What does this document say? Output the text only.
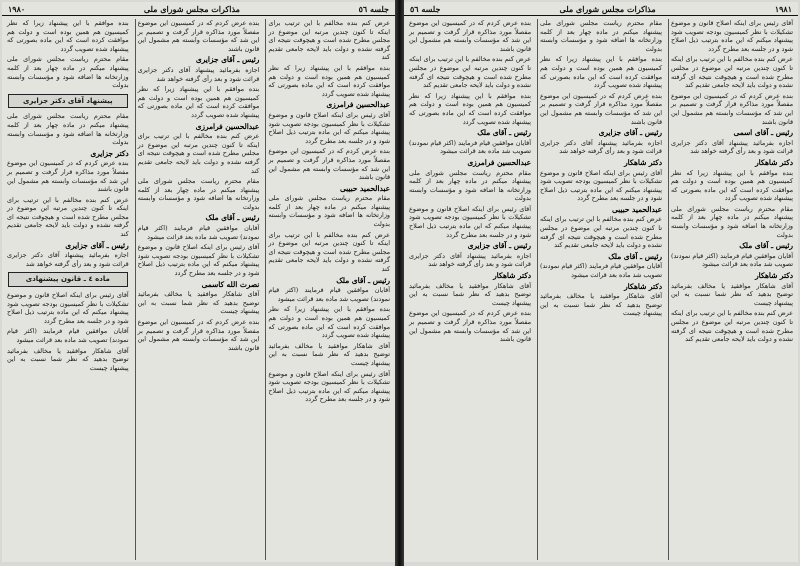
جلسه ٥٦
مذاکرات مجلس شورای ملی
١٩٨٠

عرض کنم بنده مخالفم با این ترتیب برای اینکه تا کنون چندین مرتبه این موضوع در مجلس مطرح شده است و هیچوقت نتیجه ای گرفته نشده و دولت باید لایحه جامعی تقدیم کند

بنده موافقم با این پیشنهاد زیرا که نظر کمیسیون هم همین بوده است و دولت هم موافقت کرده است که این ماده بصورتی که پیشنهاد شده تصویب گردد

عبدالحسین فرامرزی

آقای رئیس برای اینکه اصلاح قانون و موضوع تشکیلات با نظر کمیسیون بودجه تصویب شود پیشنهاد میکنم که این ماده بترتیب ذیل اصلاح شود و در جلسه بعد مطرح گردد

بنده عرض کردم که در کمیسیون این موضوع مفصلاً مورد مذاکره قرار گرفت و تصمیم بر این شد که مؤسسات وابسته هم مشمول این قانون باشند

عبدالحمید حبیبی

مقام محترم ریاست مجلس شورای ملی پیشنهاد میکنم در ماده چهار بعد از کلمه وزارتخانه ها اضافه شود و مؤسسات وابسته بدولت

عرض کنم بنده مخالفم با این ترتیب برای اینکه تا کنون چندین مرتبه این موضوع در مجلس مطرح شده است و هیچوقت نتیجه ای گرفته نشده و دولت باید لایحه جامعی تقدیم کند

رئیس ـ آقای ملک

آقایان موافقین قیام فرمایند (اکثر قیام نمودند) تصویب شد ماده بعد قرائت میشود

بنده موافقم با این پیشنهاد زیرا که نظر کمیسیون هم همین بوده است و دولت هم موافقت کرده است که این ماده بصورتی که پیشنهاد شده تصویب گردد

آقای شاهکار موافقید یا مخالف بفرمائید توضیح بدهید که نظر شما نسبت به این پیشنهاد چیست

آقای رئیس برای اینکه اصلاح قانون و موضوع تشکیلات با نظر کمیسیون بودجه تصویب شود پیشنهاد میکنم که این ماده بترتیب ذیل اصلاح شود و در جلسه بعد مطرح گردد

بنده عرض کردم که در کمیسیون این موضوع مفصلاً مورد مذاکره قرار گرفت و تصمیم بر این شد که مؤسسات وابسته هم مشمول این قانون باشند

رئیس ـ آقای جزایری

اجازه بفرمائید پیشنهاد آقای دکتر جزایری قرائت شود و بعد رأی گرفته خواهد شد

بنده موافقم با این پیشنهاد زیرا که نظر کمیسیون هم همین بوده است و دولت هم موافقت کرده است که این ماده بصورتی که پیشنهاد شده تصویب گردد

عبدالحسین فرامرزی

عرض کنم بنده مخالفم با این ترتیب برای اینکه تا کنون چندین مرتبه این موضوع در مجلس مطرح شده است و هیچوقت نتیجه ای گرفته نشده و دولت باید لایحه جامعی تقدیم کند

مقام محترم ریاست مجلس شورای ملی پیشنهاد میکنم در ماده چهار بعد از کلمه وزارتخانه ها اضافه شود و مؤسسات وابسته بدولت

رئیس ـ آقای ملک

آقایان موافقین قیام فرمایند (اکثر قیام نمودند) تصویب شد ماده بعد قرائت میشود

آقای رئیس برای اینکه اصلاح قانون و موضوع تشکیلات با نظر کمیسیون بودجه تصویب شود پیشنهاد میکنم که این ماده بترتیب ذیل اصلاح شود و در جلسه بعد مطرح گردد

نصرت الله کاسمی

آقای شاهکار موافقید یا مخالف بفرمائید توضیح بدهید که نظر شما نسبت به این پیشنهاد چیست

بنده عرض کردم که در کمیسیون این موضوع مفصلاً مورد مذاکره قرار گرفت و تصمیم بر این شد که مؤسسات وابسته هم مشمول این قانون باشند

بنده موافقم با این پیشنهاد زیرا که نظر کمیسیون هم همین بوده است و دولت هم موافقت کرده است که این ماده بصورتی که پیشنهاد شده تصویب گردد

مقام محترم ریاست مجلس شورای ملی پیشنهاد میکنم در ماده چهار بعد از کلمه وزارتخانه ها اضافه شود و مؤسسات وابسته بدولت

پیشنهاد آقای دکتر جزایری

مقام محترم ریاست مجلس شورای ملی پیشنهاد میکنم در ماده چهار بعد از کلمه وزارتخانه ها اضافه شود و مؤسسات وابسته بدولت

دکتر جزایری

بنده عرض کردم که در کمیسیون این موضوع مفصلاً مورد مذاکره قرار گرفت و تصمیم بر این شد که مؤسسات وابسته هم مشمول این قانون باشند

عرض کنم بنده مخالفم با این ترتیب برای اینکه تا کنون چندین مرتبه این موضوع در مجلس مطرح شده است و هیچوقت نتیجه ای گرفته نشده و دولت باید لایحه جامعی تقدیم کند

رئیس ـ آقای جزایری

اجازه بفرمائید پیشنهاد آقای دکتر جزایری قرائت شود و بعد رأی گرفته خواهد شد

ماده ٤ ـ قانون پیشنهادی

آقای رئیس برای اینکه اصلاح قانون و موضوع تشکیلات با نظر کمیسیون بودجه تصویب شود پیشنهاد میکنم که این ماده بترتیب ذیل اصلاح شود و در جلسه بعد مطرح گردد

آقایان موافقین قیام فرمایند (اکثر قیام نمودند) تصویب شد ماده بعد قرائت میشود

آقای شاهکار موافقید یا مخالف بفرمائید توضیح بدهید که نظر شما نسبت به این پیشنهاد چیست

١٩٨١
مذاکرات مجلس شورای ملی
جلسه ٥٦

آقای رئیس برای اینکه اصلاح قانون و موضوع تشکیلات با نظر کمیسیون بودجه تصویب شود پیشنهاد میکنم که این ماده بترتیب ذیل اصلاح شود و در جلسه بعد مطرح گردد

عرض کنم بنده مخالفم با این ترتیب برای اینکه تا کنون چندین مرتبه این موضوع در مجلس مطرح شده است و هیچوقت نتیجه ای گرفته نشده و دولت باید لایحه جامعی تقدیم کند

بنده عرض کردم که در کمیسیون این موضوع مفصلاً مورد مذاکره قرار گرفت و تصمیم بر این شد که مؤسسات وابسته هم مشمول این قانون باشند

رئیس ـ آقای اسمی

اجازه بفرمائید پیشنهاد آقای دکتر جزایری قرائت شود و بعد رأی گرفته خواهد شد

دکتر شاهکار

بنده موافقم با این پیشنهاد زیرا که نظر کمیسیون هم همین بوده است و دولت هم موافقت کرده است که این ماده بصورتی که پیشنهاد شده تصویب گردد

مقام محترم ریاست مجلس شورای ملی پیشنهاد میکنم در ماده چهار بعد از کلمه وزارتخانه ها اضافه شود و مؤسسات وابسته بدولت

رئیس ـ آقای ملک

آقایان موافقین قیام فرمایند (اکثر قیام نمودند) تصویب شد ماده بعد قرائت میشود

دکتر شاهکار

آقای شاهکار موافقید یا مخالف بفرمائید توضیح بدهید که نظر شما نسبت به این پیشنهاد چیست

عرض کنم بنده مخالفم با این ترتیب برای اینکه تا کنون چندین مرتبه این موضوع در مجلس مطرح شده است و هیچوقت نتیجه ای گرفته نشده و دولت باید لایحه جامعی تقدیم کند

مقام محترم ریاست مجلس شورای ملی پیشنهاد میکنم در ماده چهار بعد از کلمه وزارتخانه ها اضافه شود و مؤسسات وابسته بدولت

بنده موافقم با این پیشنهاد زیرا که نظر کمیسیون هم همین بوده است و دولت هم موافقت کرده است که این ماده بصورتی که پیشنهاد شده تصویب گردد

بنده عرض کردم که در کمیسیون این موضوع مفصلاً مورد مذاکره قرار گرفت و تصمیم بر این شد که مؤسسات وابسته هم مشمول این قانون باشند

رئیس ـ آقای جزایری

اجازه بفرمائید پیشنهاد آقای دکتر جزایری قرائت شود و بعد رأی گرفته خواهد شد

دکتر شاهکار

آقای رئیس برای اینکه اصلاح قانون و موضوع تشکیلات با نظر کمیسیون بودجه تصویب شود پیشنهاد میکنم که این ماده بترتیب ذیل اصلاح شود و در جلسه بعد مطرح گردد

عبدالحمید حبیبی

عرض کنم بنده مخالفم با این ترتیب برای اینکه تا کنون چندین مرتبه این موضوع در مجلس مطرح شده است و هیچوقت نتیجه ای گرفته نشده و دولت باید لایحه جامعی تقدیم کند

رئیس ـ آقای ملک

آقایان موافقین قیام فرمایند (اکثر قیام نمودند) تصویب شد ماده بعد قرائت میشود

دکتر شاهکار

آقای شاهکار موافقید یا مخالف بفرمائید توضیح بدهید که نظر شما نسبت به این پیشنهاد چیست

بنده عرض کردم که در کمیسیون این موضوع مفصلاً مورد مذاکره قرار گرفت و تصمیم بر این شد که مؤسسات وابسته هم مشمول این قانون باشند

عرض کنم بنده مخالفم با این ترتیب برای اینکه تا کنون چندین مرتبه این موضوع در مجلس مطرح شده است و هیچوقت نتیجه ای گرفته نشده و دولت باید لایحه جامعی تقدیم کند

بنده موافقم با این پیشنهاد زیرا که نظر کمیسیون هم همین بوده است و دولت هم موافقت کرده است که این ماده بصورتی که پیشنهاد شده تصویب گردد

رئیس ـ آقای ملک

آقایان موافقین قیام فرمایند (اکثر قیام نمودند) تصویب شد ماده بعد قرائت میشود

عبدالحسین فرامرزی

مقام محترم ریاست مجلس شورای ملی پیشنهاد میکنم در ماده چهار بعد از کلمه وزارتخانه ها اضافه شود و مؤسسات وابسته بدولت

آقای رئیس برای اینکه اصلاح قانون و موضوع تشکیلات با نظر کمیسیون بودجه تصویب شود پیشنهاد میکنم که این ماده بترتیب ذیل اصلاح شود و در جلسه بعد مطرح گردد

رئیس ـ آقای جزایری

اجازه بفرمائید پیشنهاد آقای دکتر جزایری قرائت شود و بعد رأی گرفته خواهد شد

دکتر شاهکار

آقای شاهکار موافقید یا مخالف بفرمائید توضیح بدهید که نظر شما نسبت به این پیشنهاد چیست

بنده عرض کردم که در کمیسیون این موضوع مفصلاً مورد مذاکره قرار گرفت و تصمیم بر این شد که مؤسسات وابسته هم مشمول این قانون باشند
